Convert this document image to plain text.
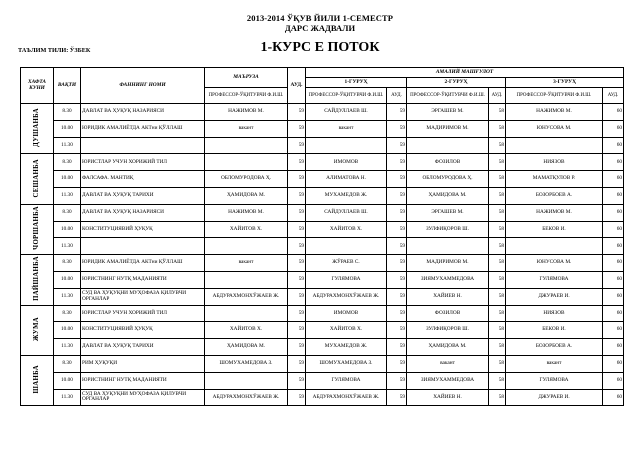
2013-2014 ЎҚУВ ЙИЛИ 1-СЕМЕСТР
ДАРС ЖАДВАЛИ
ТАЪЛИМ ТИЛИ: ЎЗБЕК	1-КУРС Е ПОТОК
ХАФТА КУНИ	ВАҚТИ	ФАННИНГ НОМИ	МАЪРУЗА	АУД.	АМАЛИЙ МАШҒУЛОТ					
					1-ГУРУҲ		2-ГУРУҲ		3-ГУРУҲ	
			ПРОФЕССОР-ЎҚИТУВЧИ Ф.И.Ш.		ПРОФЕССОР-ЎҚИТУВЧИ Ф.И.Ш.	АУД.	ПРОФЕССОР-ЎҚИТУВЧИ Ф.И.Ш.	АУД.	ПРОФЕССОР-ЎҚИТУВЧИ Ф.И.Ш.	АУД.
ДУШАНБА	8.30	ДАВЛАТ ВА ҲУҚУҚ НАЗАРИЯСИ	НАЖИМОВ М.	59	САЙДУЛЛАЕВ Ш.	59	ЭРГАШЕВ М.	58	НАЖИМОВ М.	60
	10.00	ЮРИДИК АМАЛИЁТДА АКТни ҚЎЛЛАШ	вакант	59	вакант	59	МАДИРИМОВ М.	58	ЮНУСОВА М.	60
	11.30			59		59		58		60
СЕШАНБА	8.30	ЮРИСТЛАР УЧУН ХОРИЖИЙ ТИЛ		59	ИМОМОВ	59	ФОЗИЛОВ	58	НИЯЗОВ	60
	10.00	ФАЛСАФА. МАНТИҚ	ОБЛОМУРОДОВА Ҳ.	59	АЛИМАТОВА Н.	59	ОБЛОМУРОДОВА Ҳ.	58	МАМАТҚУЛОВ Р.	60
	11.30	ДАВЛАТ ВА ҲУҚУҚ ТАРИХИ	ҲАМИДОВА М.	59	МУХАМЕДОВ Ж.	59	ҲАМИДОВА М.	58	БОЗОРБОЕВ А.	60
ЧОРШАНБА	8.30	ДАВЛАТ ВА ҲУҚУҚ НАЗАРИЯСИ	НАЖИМОВ М.	59	САЙДУЛЛАЕВ Ш.	59	ЭРГАШЕВ М.	58	НАЖИМОВ М.	60
	10.00	КОНСТИТУЦИЯВИЙ ҲУҚУҚ	ХАЙИТОВ Х.	59	ХАЙИТОВ Х.	59	ЗУЛФИҚОРОВ Ш.	58	БЕКОВ И.	60
	11.30			59		59		58		60
ПАЙШАНБА	8.30	ЮРИДИК АМАЛИЁТДА АКТни ҚЎЛЛАШ	вакант	59	ЖЎРАЕВ С.	59	МАДИРИМОВ М.	58	ЮНУСОВА М.	60
	10.00	ЮРИСТНИНГ НУТҚ МАДАНИЯТИ		59	ГУЛЯМОВА	59	ЗИЯМУХАММЕДОВА	58	ГУЛЯМОВА	60
	11.30	СУД ВА ҲУҚУҚНИ МУҲОФАЗА ҚИЛУВЧИ ОРГАНЛАР	АБДУРАХМОНХЎЖАЕВ Ж.	59	АБДУРАХМОНХЎЖАЕВ Ж.	59	ХАЙИЕВ Н.	58	ДЖУРАЕВ И.	60
ЖУМА	8.30	ЮРИСТЛАР УЧУН ХОРИЖИЙ ТИЛ		59	ИМОМОВ	59	ФОЗИЛОВ	58	НИЯЗОВ	60
	10.00	КОНСТИТУЦИЯВИЙ ҲУҚУҚ	ХАЙИТОВ Х.	59	ХАЙИТОВ Х.	59	ЗУЛФИҚОРОВ Ш.	58	БЕКОВ И.	60
	11.30	ДАВЛАТ ВА ҲУҚУҚ ТАРИХИ	ҲАМИДОВА М.	59	МУХАМЕДОВ Ж.	59	ҲАМИДОВА М.	58	БОЗОРБОЕВ А.	60
ШАНБА	8.30	РИМ ҲУҚУҚИ	ШОМУХАМЕДОВА З.	59	ШОМУХАМЕДОВА З.	59	вакант	58	вакант	60
	10.00	ЮРИСТНИНГ НУТҚ МАДАНИЯТИ		59	ГУЛЯМОВА	59	ЗИЯМУХАММЕДОВА	58	ГУЛЯМОВА	60
	11.30	СУД ВА ҲУҚУҚНИ МУҲОФАЗА ҚИЛУВЧИ ОРГАНЛАР	АБДУРАХМОНХЎЖАЕВ Ж.	59	АБДУРАХМОНХЎЖАЕВ Ж.	59	ХАЙИЕВ Н.	58	ДЖУРАЕВ И.	60
